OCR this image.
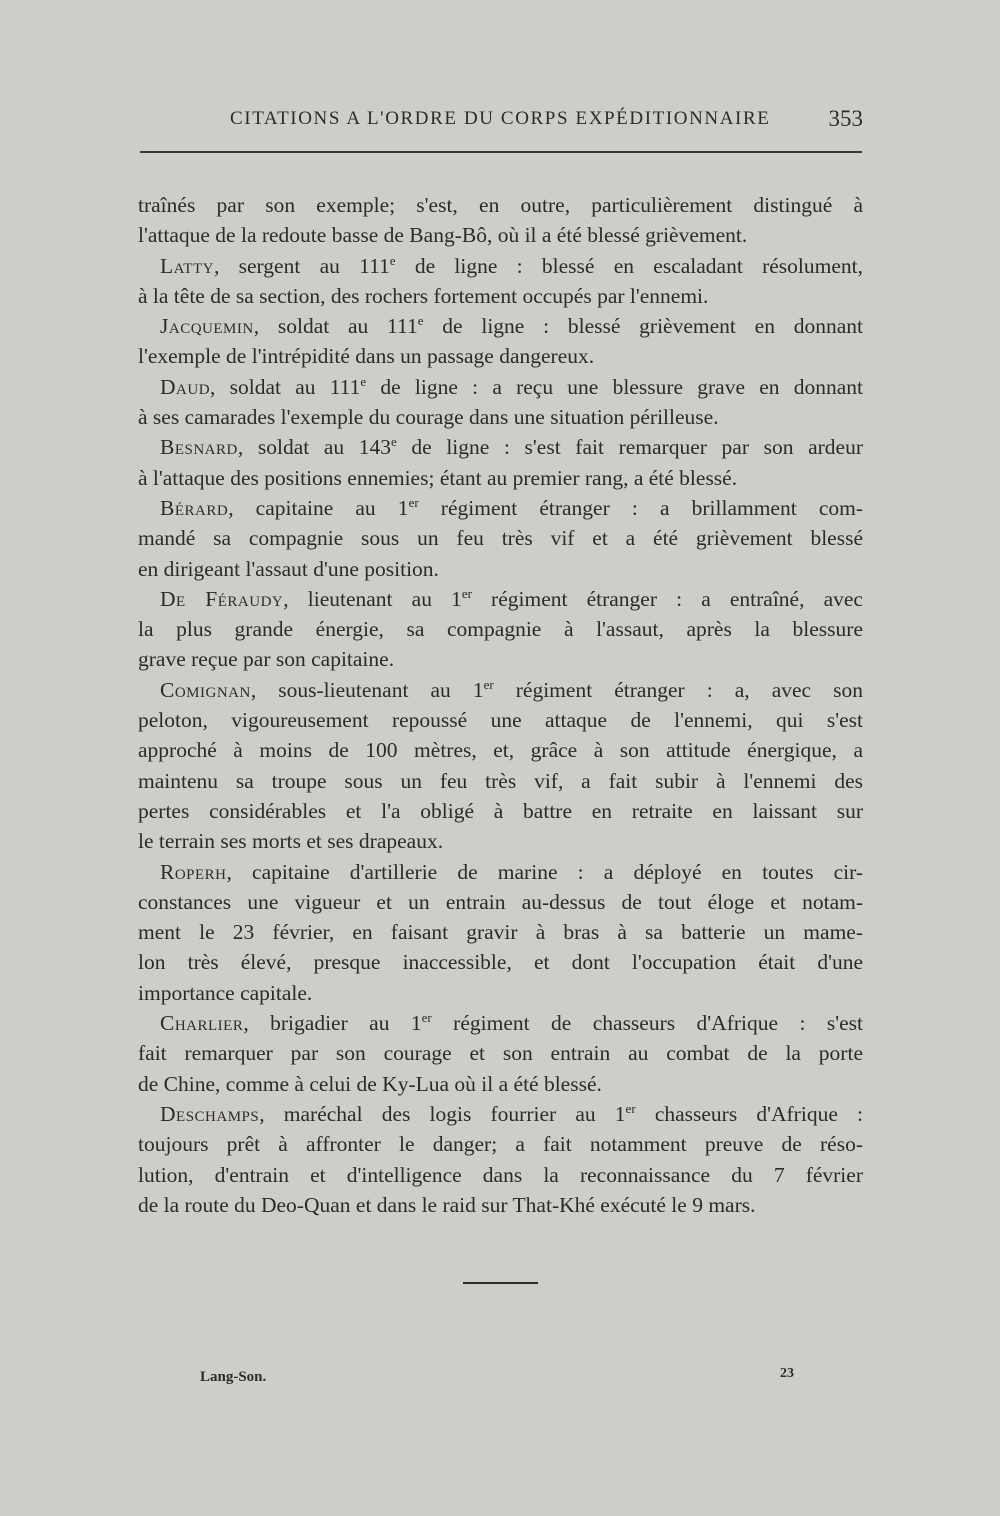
CITATIONS A L'ORDRE DU CORPS EXPÉDITIONNAIRE	353
traînés par son exemple; s'est, en outre, particulièrement distingué à
l'attaque de la redoute basse de Bang-Bô, où il a été blessé grièvement.
Latty, sergent au 111e de ligne : blessé en escaladant résolument,
à la tête de sa section, des rochers fortement occupés par l'ennemi.
Jacquemin, soldat au 111e de ligne : blessé grièvement en donnant
l'exemple de l'intrépidité dans un passage dangereux.
Daud, soldat au 111e de ligne : a reçu une blessure grave en donnant
à ses camarades l'exemple du courage dans une situation périlleuse.
Besnard, soldat au 143e de ligne : s'est fait remarquer par son ardeur
à l'attaque des positions ennemies; étant au premier rang, a été blessé.
Bérard, capitaine au 1er régiment étranger : a brillamment com-
mandé sa compagnie sous un feu très vif et a été grièvement blessé
en dirigeant l'assaut d'une position.
De Féraudy, lieutenant au 1er régiment étranger : a entraîné, avec
la plus grande énergie, sa compagnie à l'assaut, après la blessure
grave reçue par son capitaine.
Comignan, sous-lieutenant au 1er régiment étranger : a, avec son
peloton, vigoureusement repoussé une attaque de l'ennemi, qui s'est
approché à moins de 100 mètres, et, grâce à son attitude énergique, a
maintenu sa troupe sous un feu très vif, a fait subir à l'ennemi des
pertes considérables et l'a obligé à battre en retraite en laissant sur
le terrain ses morts et ses drapeaux.
Roperh, capitaine d'artillerie de marine : a déployé en toutes cir-
constances une vigueur et un entrain au-dessus de tout éloge et notam-
ment le 23 février, en faisant gravir à bras à sa batterie un mame-
lon très élevé, presque inaccessible, et dont l'occupation était d'une
importance capitale.
Charlier, brigadier au 1er régiment de chasseurs d'Afrique : s'est
fait remarquer par son courage et son entrain au combat de la porte
de Chine, comme à celui de Ky-Lua où il a été blessé.
Deschamps, maréchal des logis fourrier au 1er chasseurs d'Afrique :
toujours prêt à affronter le danger; a fait notamment preuve de réso-
lution, d'entrain et d'intelligence dans la reconnaissance du 7 février
de la route du Deo-Quan et dans le raid sur That-Khé exécuté le 9 mars.
Lang-Son.	23
